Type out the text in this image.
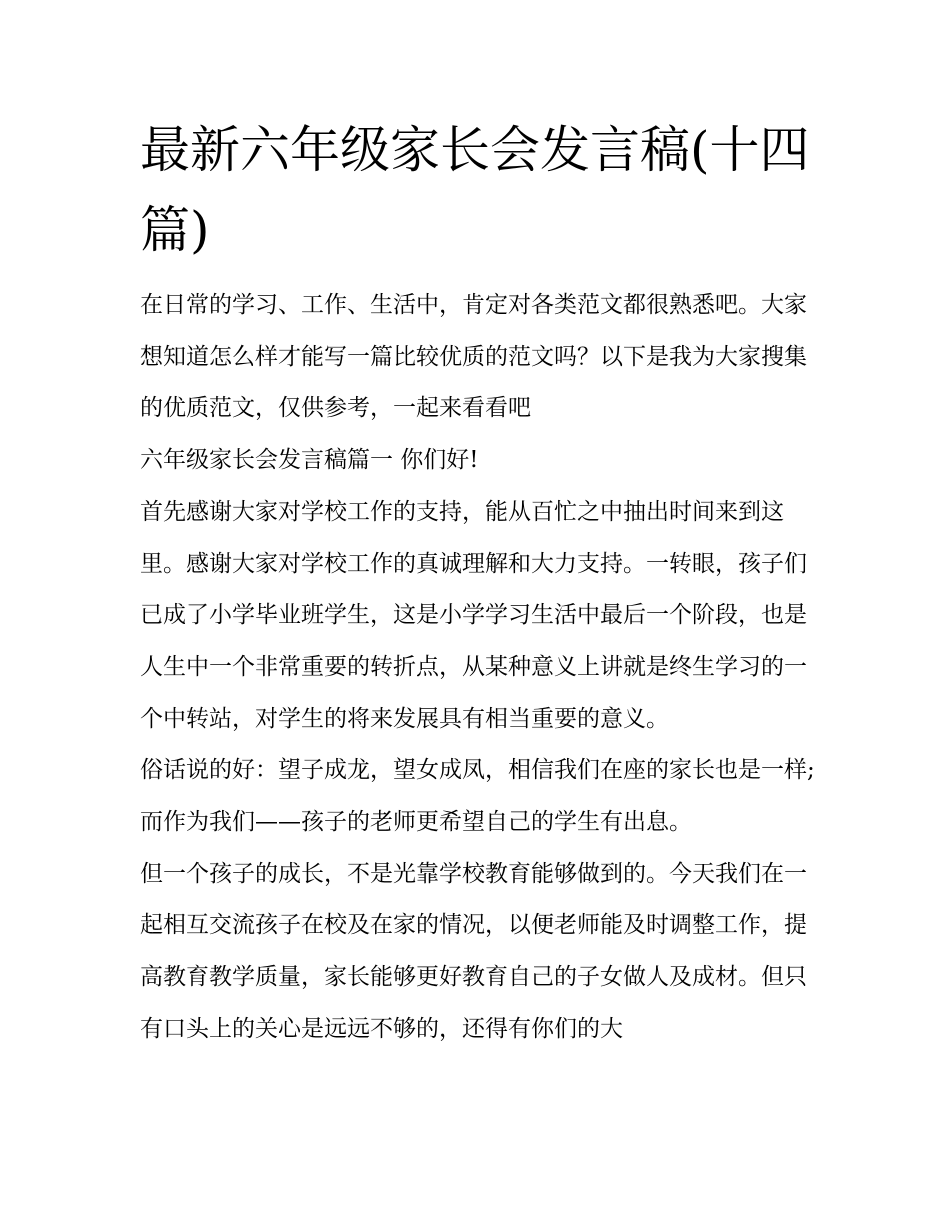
最新六年级家长会发言稿(十四篇)

在日常的学习、工作、生活中，肯定对各类范文都很熟悉吧。大家想知道怎么样才能写一篇比较优质的范文吗？以下是我为大家搜集的优质范文，仅供参考，一起来看看吧

六年级家长会发言稿篇一 你们好!

首先感谢大家对学校工作的支持，能从百忙之中抽出时间来到这里。感谢大家对学校工作的真诚理解和大力支持。一转眼，孩子们已成了小学毕业班学生，这是小学学习生活中最后一个阶段，也是人生中一个非常重要的转折点，从某种意义上讲就是终生学习的一个中转站，对学生的将来发展具有相当重要的意义。

俗话说的好：望子成龙，望女成凤，相信我们在座的家长也是一样;而作为我们——孩子的老师更希望自己的学生有出息。

但一个孩子的成长，不是光靠学校教育能够做到的。今天我们在一起相互交流孩子在校及在家的情况，以便老师能及时调整工作，提高教育教学质量，家长能够更好教育自己的子女做人及成材。但只有口头上的关心是远远不够的，还得有你们的大
